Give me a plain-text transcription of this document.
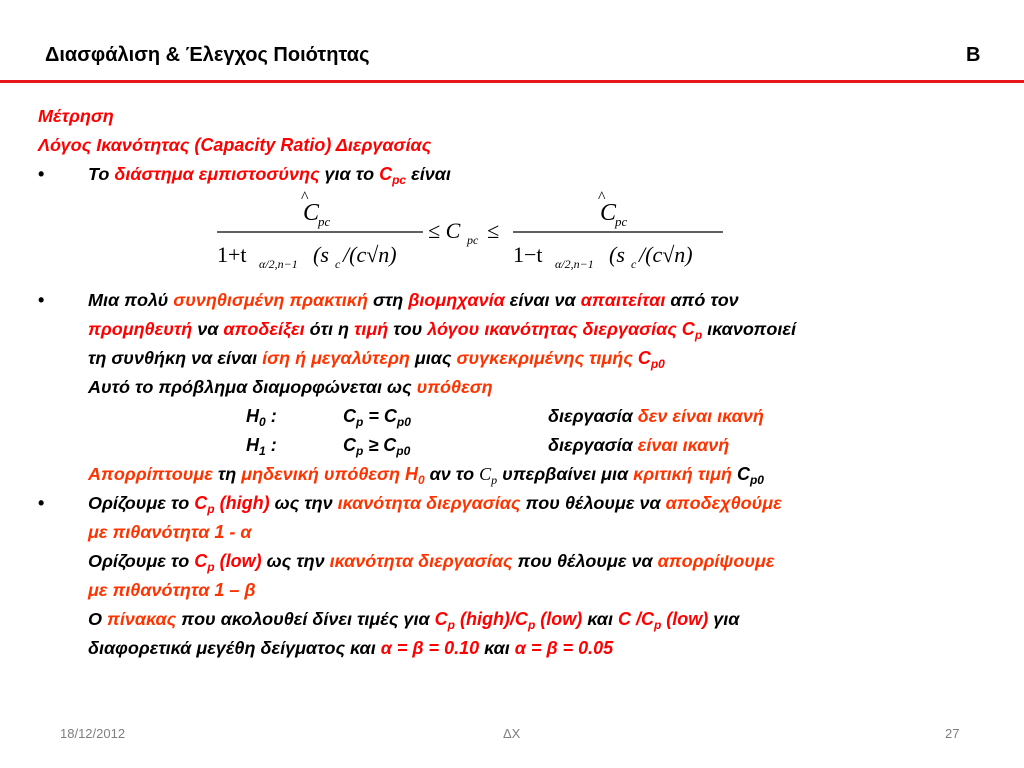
Διασφάλιση & Έλεγχος Ποιότητας	B
Μέτρηση
Λόγος Ικανότητας (Capacity Ratio) Διεργασίας
• Το διάστημα εμπιστοσύνης για το $C_{pc}$ είναι
C
^
pc
1+t α/2,n−1 (s c /(c√n)
≤ C pc ≤
C
^
pc
1−t α/2,n−1 (s c /(c√n)
• Μια πολύ συνηθισμένη πρακτική στη βιομηχανία είναι να απαιτείται από τον
προμηθευτή να αποδείξει ότι η τιμή του λόγου ικανότητας διεργασίας $C_p$ ικανοποιεί
τη συνθήκη να είναι ίση ή μεγαλύτερη μιας συγκεκριμένης τιμής $C_{p0}$
Αυτό το πρόβλημα διαμορφώνεται ως υπόθεση
$H_0$ :	$C_p = C_{p0}$	διεργασία δεν είναι ικανή
$H_1$ :	$C_p \ge C_{p0}$	διεργασία είναι ικανή
Απορρίπτουμε τη μηδενική υπόθεση $H_0$ αν το $C_p$ υπερβαίνει μια κριτική τιμή $C_{p0}$
• Ορίζουμε το $C_p$ (high) ως την ικανότητα διεργασίας που θέλουμε να αποδεχθούμε
με πιθανότητα 1 - α
Ορίζουμε το $C_p$ (low) ως την ικανότητα διεργασίας που θέλουμε να απορρίψουμε
με πιθανότητα 1 – β
Ο πίνακας που ακολουθεί δίνει τιμές για $C_p$ $(high)/C_p$ (low) και C $/C_p$ (low) για
διαφορετικά μεγέθη δείγματος και α = β = 0.10 και α = β = 0.05
18/12/2012	ΔΧ	27
